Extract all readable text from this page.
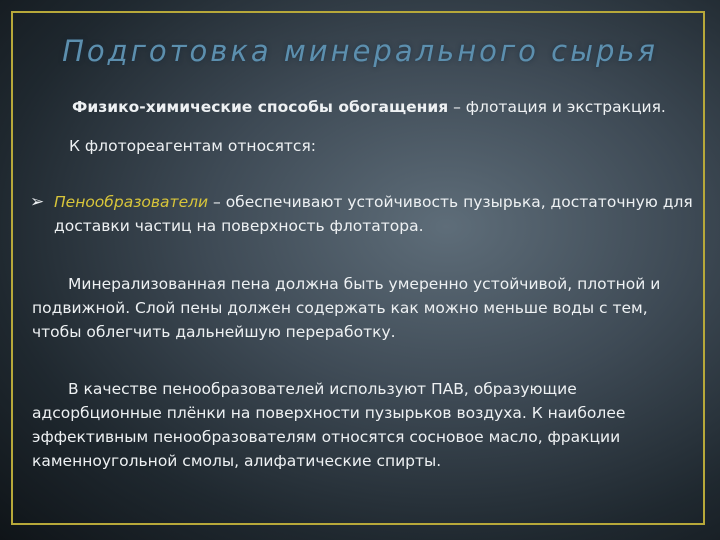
Подготовка минерального сырья
Физико-химические способы обогащения – флотация и экстракция.
К флотореагентам относятся:
➢ Пенообразователи – обеспечивают устойчивость пузырька, достаточную для доставки частиц на поверхность флотатора.
Минерализованная пена должна быть умеренно устойчивой, плотной и подвижной. Слой пены должен содержать как можно меньше воды с тем, чтобы облегчить дальнейшую переработку.
В качестве пенообразователей используют ПАВ, образующие адсорбционные плёнки на поверхности пузырьков воздуха. К наиболее эффективным пенообразователям относятся сосновое масло, фракции каменноугольной смолы, алифатические спирты.
